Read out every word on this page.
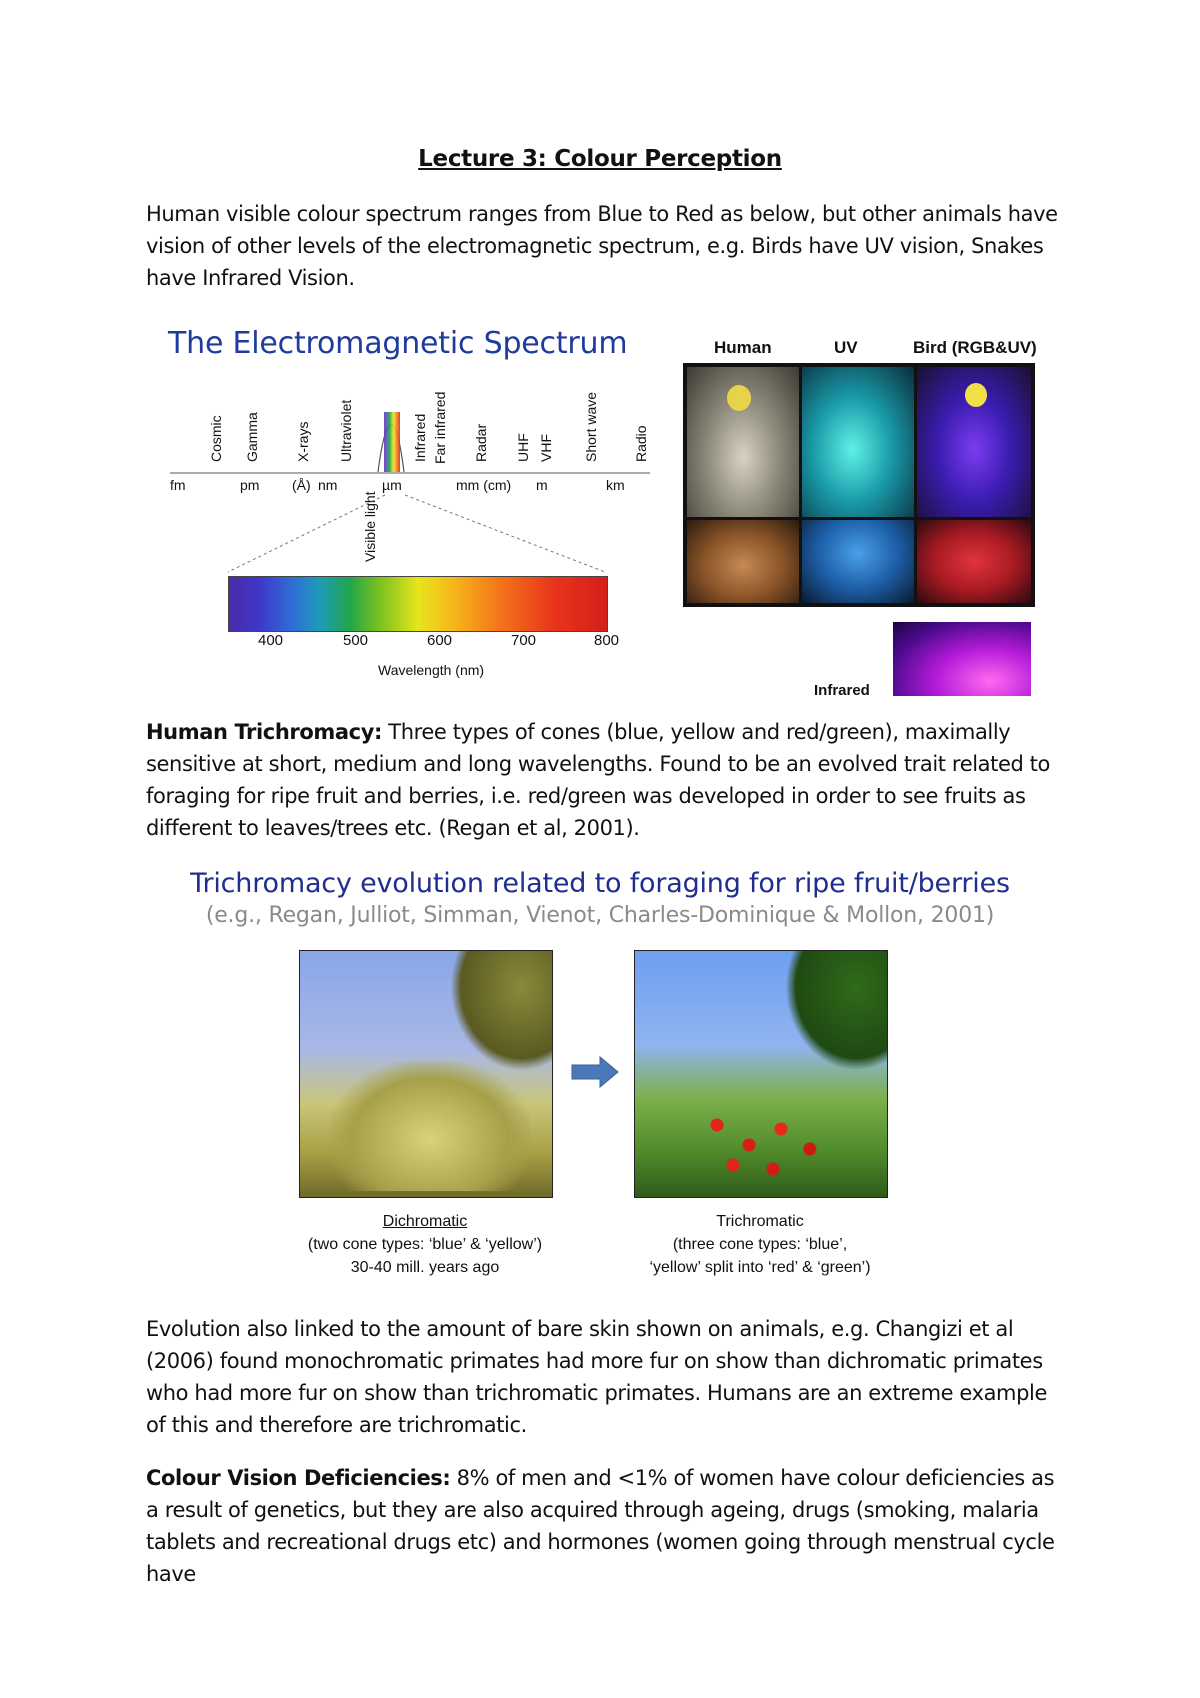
Lecture 3: Colour Perception
Human visible colour spectrum ranges from Blue to Red as below, but other animals have vision of other levels of the electromagnetic spectrum, e.g. Birds have UV vision, Snakes have Infrared Vision.
The Electromagnetic Spectrum
Cosmic Gamma	X-rays Ultraviolet	Infrared Far infrared Radar UHF VHF Short wave Radio
fm	pm (Å) nm	µm	mm (cm) m	km
Visible light
400	500	600	700	800
Wavelength (nm)
Human	UV	Bird (RGB&UV)
Infrared
Human Trichromacy: Three types of cones (blue, yellow and red/green), maximally sensitive at short, medium and long wavelengths. Found to be an evolved trait related to foraging for ripe fruit and berries, i.e. red/green was developed in order to see fruits as different to leaves/trees etc. (Regan et al, 2001).
Trichromacy evolution related to foraging for ripe fruit/berries
(e.g., Regan, Julliot, Simman, Vienot, Charles-Dominique & Mollon, 2001)
Dichromatic
(two cone types: ‘blue’ & ‘yellow’)
30-40 mill. years ago
Trichromatic
(three cone types: ‘blue’,
‘yellow’ split into ‘red’ & ‘green’)
Evolution also linked to the amount of bare skin shown on animals, e.g. Changizi et al (2006) found monochromatic primates had more fur on show than dichromatic primates who had more fur on show than trichromatic primates. Humans are an extreme example of this and therefore are trichromatic.
Colour Vision Deficiencies: 8% of men and <1% of women have colour deficiencies as a result of genetics, but they are also acquired through ageing, drugs (smoking, malaria tablets and recreational drugs etc) and hormones (women going through menstrual cycle have
